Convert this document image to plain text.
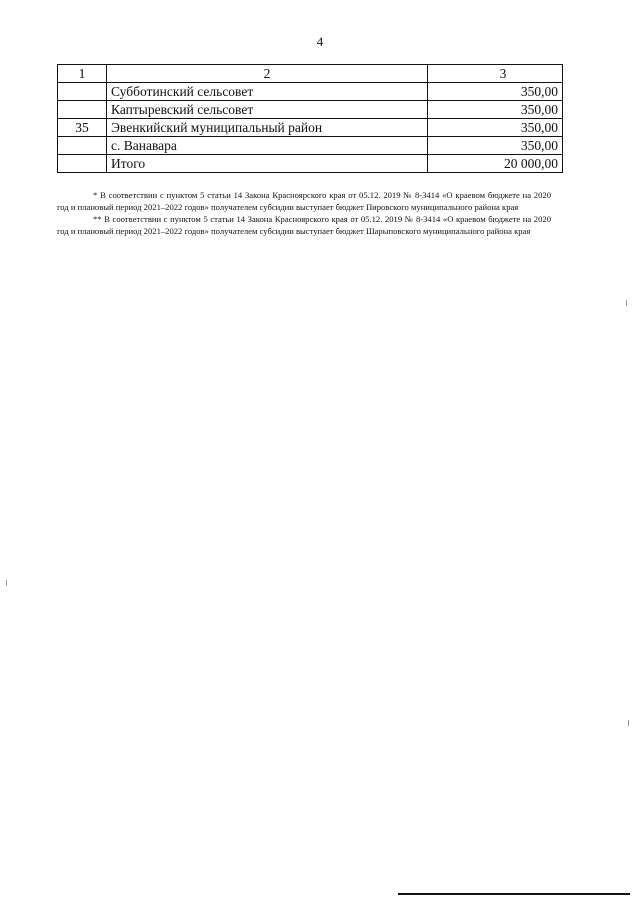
4
1	2	3
	Субботинский сельсовет	350,00
	Каптыревский сельсовет	350,00
35	Эвенкийский муниципальный район	350,00
	с. Ванавара	350,00
	Итого	20 000,00

* В соответствии с пунктом 5 статьи 14 Закона Красноярского края от 05.12. 2019 № 8-3414 «О краевом бюджете на 2020 год и плановый период 2021–2022 годов» получателем субсидии выступает бюджет Пировского муниципального района края

** В соответствии с пунктом 5 статьи 14 Закона Красноярского края от 05.12. 2019 № 8-3414 «О краевом бюджете на 2020 год и плановый период 2021–2022 годов» получателем субсидии выступает бюджет Шарыповского муниципального района края
